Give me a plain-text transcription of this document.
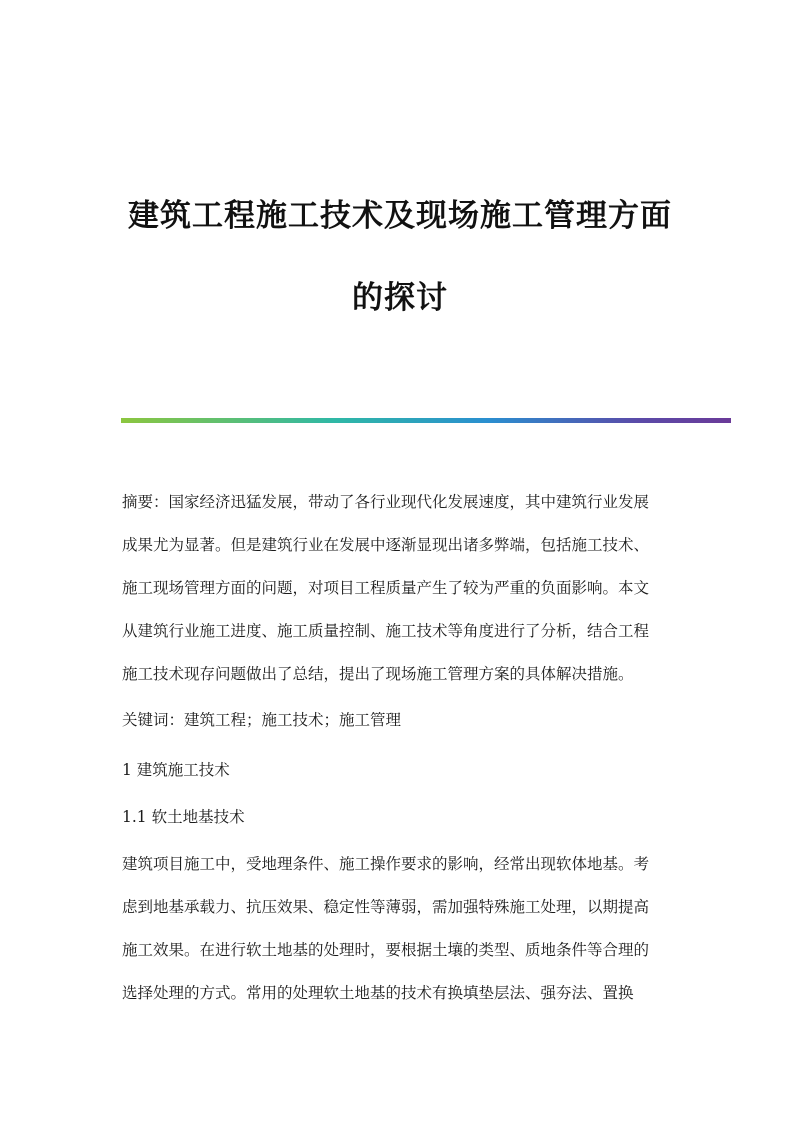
建筑工程施工技术及现场施工管理方面
的探讨
摘要：国家经济迅猛发展，带动了各行业现代化发展速度，其中建筑行业发展
成果尤为显著。但是建筑行业在发展中逐渐显现出诸多弊端，包括施工技术、
施工现场管理方面的问题，对项目工程质量产生了较为严重的负面影响。本文
从建筑行业施工进度、施工质量控制、施工技术等角度进行了分析，结合工程
施工技术现存问题做出了总结，提出了现场施工管理方案的具体解决措施。
关键词：建筑工程；施工技术；施工管理
1 建筑施工技术
1.1 软土地基技术
建筑项目施工中，受地理条件、施工操作要求的影响，经常出现软体地基。考
虑到地基承载力、抗压效果、稳定性等薄弱，需加强特殊施工处理，以期提高
施工效果。在进行软土地基的处理时，要根据土壤的类型、质地条件等合理的
选择处理的方式。常用的处理软土地基的技术有换填垫层法、强夯法、置换
